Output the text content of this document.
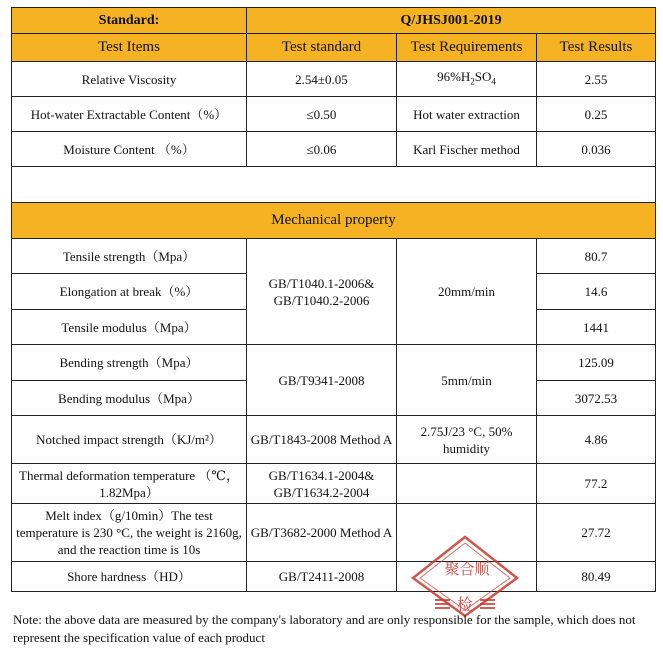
Standard:	Q/JHSJ001-2019		
Test Items	Test standard	Test Requirements	Test Results
Relative Viscosity	2.54±0.05	$96\%H_2SO_4$	2.55
Hot-water Extractable Content（%）	≤0.50	Hot water extraction	0.25
Moisture Content （%）	≤0.06	Karl Fischer method	0.036

Mechanical property			
Tensile strength（Mpa）	GB/T1040.1-2006& GB/T1040.2-2006	20mm/min	80.7
Elongation at break（%）			14.6
Tensile modulus（Mpa）			1441
Bending strength（Mpa）	GB/T9341-2008	5mm/min	125.09
Bending modulus（Mpa）			3072.53
Notched impact strength（KJ/m²）	GB/T1843-2008 Method A	2.75J/23 °C, 50% humidity	4.86
Thermal deformation temperature （℃，1.82Mpa）	GB/T1634.1-2004& GB/T1634.2-2004		77.2
Melt index（g/10min）The test temperature is 230 °C, the weight is 2160g, and the reaction time is 10s	GB/T3682-2000 Method A		27.72
Shore hardness（HD）	GB/T2411-2008		80.49
聚合顺
检
Note: the above data are measured by the company's laboratory and are only responsible for the sample, which does not represent the specification value of each product
